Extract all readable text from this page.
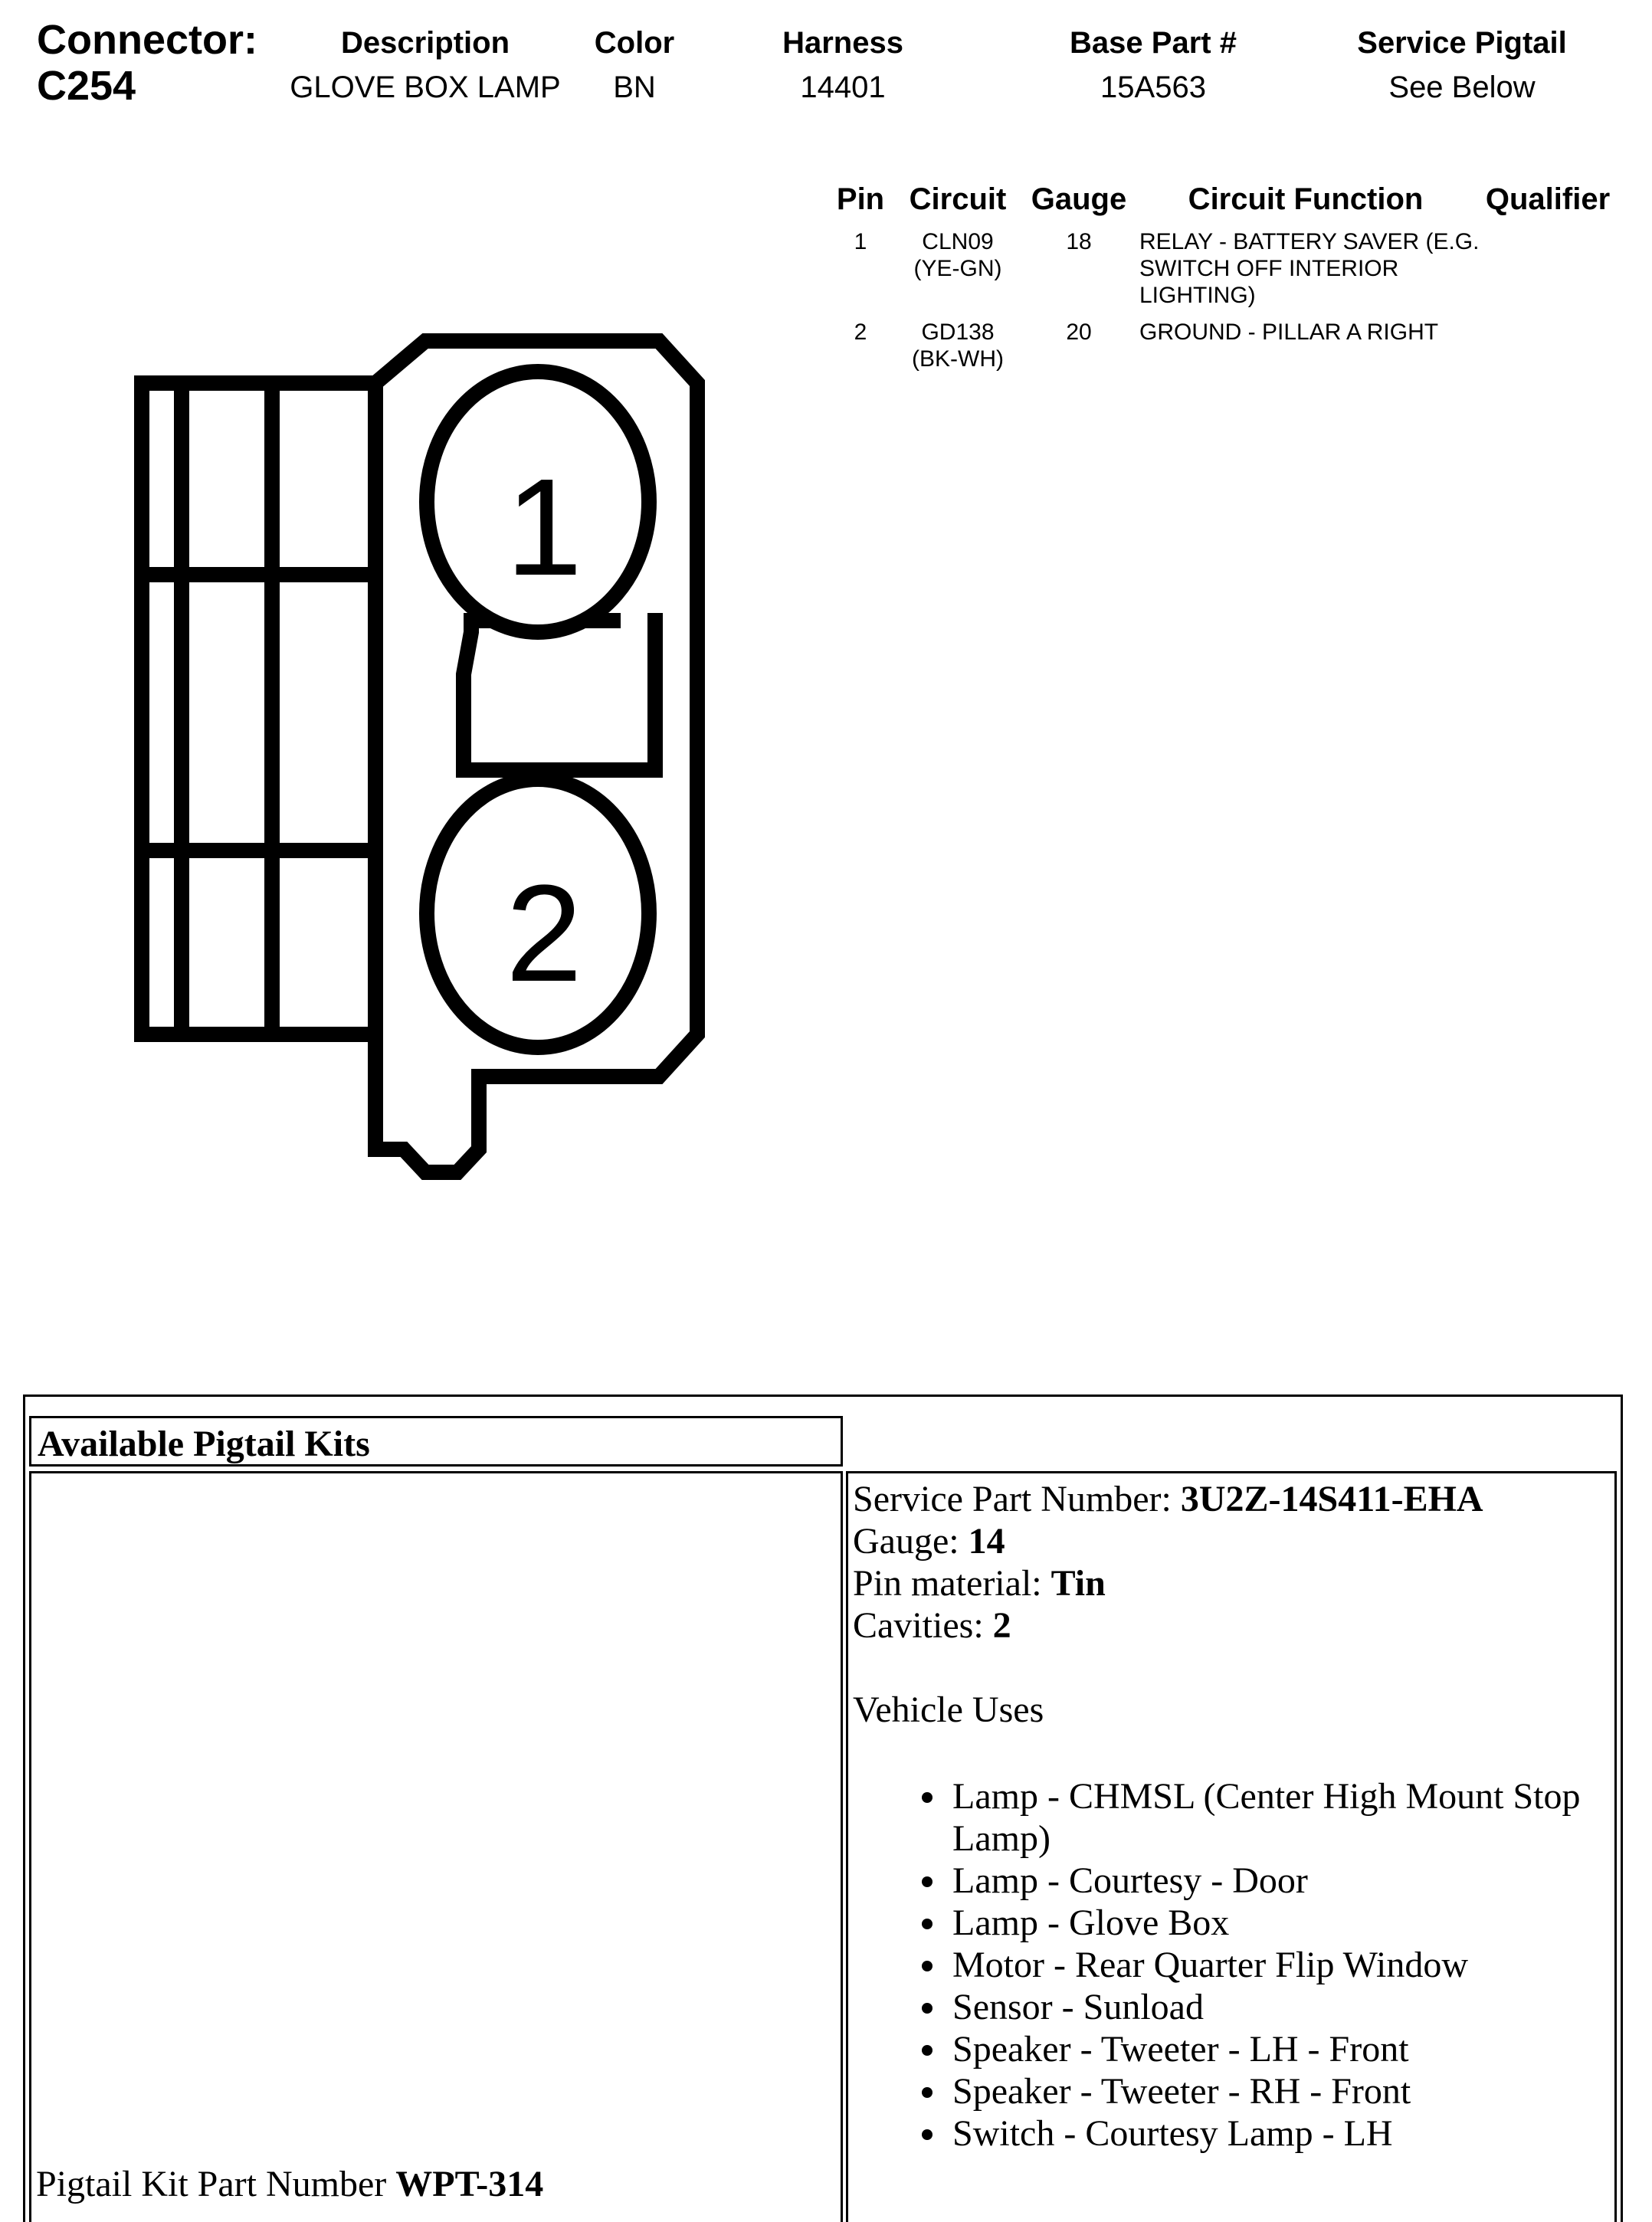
Connector:
C254
Description
GLOVE BOX LAMP
Color
BN
Harness
14401
Base Part #
15A563
Service Pigtail
See Below
Pin Circuit Gauge Circuit Function Qualifier
1 CLN09
(YE-GN)
18 RELAY - BATTERY SAVER (E.G. SWITCH OFF INTERIOR LIGHTING)
2 GD138
(BK-WH)
20 GROUND - PILLAR A RIGHT
1
2
Available Pigtail Kits
Pigtail Kit Part Number WPT-314
Service Part Number: 3U2Z-14S411-EHA
Gauge: 14
Pin material: Tin
Cavities: 2
Vehicle Uses
• Lamp - CHMSL (Center High Mount Stop Lamp)
• Lamp - Courtesy - Door
• Lamp - Glove Box
• Motor - Rear Quarter Flip Window
• Sensor - Sunload
• Speaker - Tweeter - LH - Front
• Speaker - Tweeter - RH - Front
• Switch - Courtesy Lamp - LH
